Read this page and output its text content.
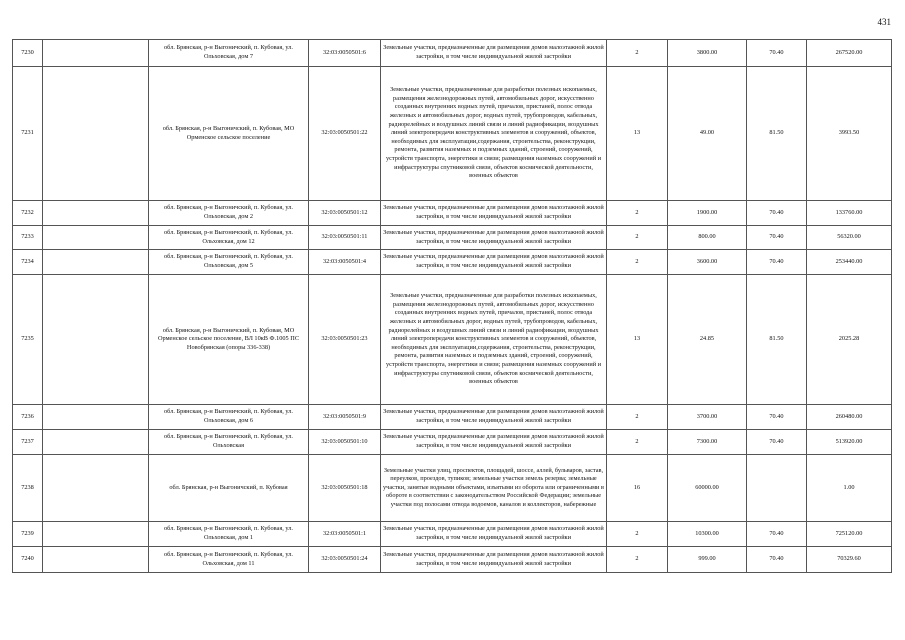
431
7230		обл. Брянская, р-н Выгоничский, п. Кубовая, ул. Ольховская, дом 7	32:03:0050501:6	Земельные участки, предназначенные для размещения домов малоэтажной жилой застройки, в том числе индивидуальной жилой застройки	2	3800.00	70.40	267520.00
7231		обл. Брянская, р-н Выгоничский, п. Кубовая, МО Орменское сельское поселение	32:03:0050501:22	Земельные участки, предназначенные для разработки полезных ископаемых, размещения железнодорожных путей, автомобильных дорог, искусственно созданных внутренних водных путей, причалов, пристаней, полос отвода железных и автомобильных дорог, водных путей, трубопроводов, кабельных, радиорелейных и воздушных линий связи и линий радиофикации, воздушных линий электропередачи конструктивных элементов и сооружений, объектов, необходимых для эксплуатации,содержания, строительства, реконструкции, ремонта, развития наземных и подземных зданий, строений, сооружений, устройств транспорта, энергетики и связи; размещения наземных сооружений и инфраструктуры спутниковой связи, объектов космической деятельности, военных объектов	13	49.00	81.50	3993.50
7232		обл. Брянская, р-н Выгоничский, п. Кубовая, ул. Ольховская, дом 2	32:03:0050501:12	Земельные участки, предназначенные для размещения домов малоэтажной жилой застройки, в том числе индивидуальной жилой застройки	2	1900.00	70.40	133760.00
7233		обл. Брянская, р-н Выгоничский, п. Кубовая, ул. Ольховская, дом 12	32:03:0050501:11	Земельные участки, предназначенные для размещения домов малоэтажной жилой застройки, в том числе индивидуальной жилой застройки	2	800.00	70.40	56320.00
7234		обл. Брянская, р-н Выгоничский, п. Кубовая, ул. Ольховская, дом 5	32:03:0050501:4	Земельные участки, предназначенные для размещения домов малоэтажной жилой застройки, в том числе индивидуальной жилой застройки	2	3600.00	70.40	253440.00
7235		обл. Брянская, р-н Выгоничский, п. Кубовая, МО Орменское сельское поселение, ВЛ 10кВ Ф.1005 ПС Новобрянская (опоры 336-338)	32:03:0050501:23	Земельные участки, предназначенные для разработки полезных ископаемых, размещения железнодорожных путей, автомобильных дорог, искусственно созданных внутренних водных путей, причалов, пристаней, полос отвода железных и автомобильных дорог, водных путей, трубопроводов, кабельных, радиорелейных и воздушных линий связи и линий радиофикации, воздушных линий электропередачи конструктивных элементов и сооружений, объектов, необходимых для эксплуатации,содержания, строительства, реконструкции, ремонта, развития наземных и подземных зданий, строений, сооружений, устройств транспорта, энергетики и связи; размещения наземных сооружений и инфраструктуры спутниковой связи, объектов космической деятельности, военных объектов	13	24.85	81.50	2025.28
7236		обл. Брянская, р-н Выгоничский, п. Кубовая, ул. Ольховская, дом 6	32:03:0050501:9	Земельные участки, предназначенные для размещения домов малоэтажной жилой застройки, в том числе индивидуальной жилой застройки	2	3700.00	70.40	260480.00
7237		обл. Брянская, р-н Выгоничский, п. Кубовая, ул. Ольховская	32:03:0050501:10	Земельные участки, предназначенные для размещения домов малоэтажной жилой застройки, в том числе индивидуальной жилой застройки	2	7300.00	70.40	513920.00
7238		обл. Брянская, р-н Выгоничский, п. Кубовая	32:03:0050501:18	Земельные участки улиц, проспектов, площадей, шоссе, аллей, бульваров, застав, переулков, проездов, тупиков; земельные участки земель резерва; земельные участки, занятые водными объектами, изъятыми из оборота или ограниченными в обороте в соответствии с законодательством Российской Федерации; земельные участки под полосами отвода водоемов, каналов и коллекторов, набережные	16	60000.00		1.00
7239		обл. Брянская, р-н Выгоничский, п. Кубовая, ул. Ольховская, дом 1	32:03:0050501:1	Земельные участки, предназначенные для размещения домов малоэтажной жилой застройки, в том числе индивидуальной жилой застройки	2	10300.00	70.40	725120.00
7240		обл. Брянская, р-н Выгоничский, п. Кубовая, ул. Ольховская, дом 11	32:03:0050501:24	Земельные участки, предназначенные для размещения домов малоэтажной жилой застройки, в том числе индивидуальной жилой застройки	2	999.00	70.40	70329.60
